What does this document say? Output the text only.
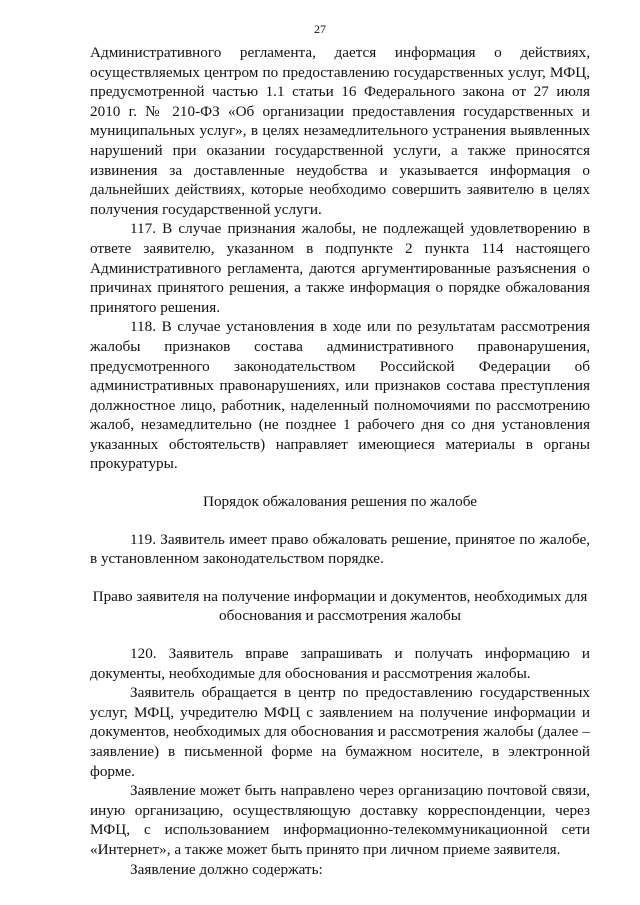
27

Административного регламента, дается информация о действиях, осуществляемых центром по предоставлению государственных услуг, МФЦ, предусмотренной частью 1.1 статьи 16 Федерального закона от 27 июля 2010 г. № 210-ФЗ «Об организации предоставления государственных и муниципальных услуг», в целях незамедлительного устранения выявленных нарушений при оказании государственной услуги, а также приносятся извинения за доставленные неудобства и указывается информация о дальнейших действиях, которые необходимо совершить заявителю в целях получения государственной услуги.

117. В случае признания жалобы, не подлежащей удовлетворению в ответе заявителю, указанном в подпункте 2 пункта 114 настоящего Административного регламента, даются аргументированные разъяснения о причинах принятого решения, а также информация о порядке обжалования принятого решения.

118. В случае установления в ходе или по результатам рассмотрения жалобы признаков состава административного правонарушения, предусмотренного законодательством Российской Федерации об административных правонарушениях, или признаков состава преступления должностное лицо, работник, наделенный полномочиями по рассмотрению жалоб, незамедлительно (не позднее 1 рабочего дня со дня установления указанных обстоятельств) направляет имеющиеся материалы в органы прокуратуры.

Порядок обжалования решения по жалобе

119. Заявитель имеет право обжаловать решение, принятое по жалобе, в установленном законодательством порядке.

Право заявителя на получение информации и документов, необходимых для обоснования и рассмотрения жалобы

120. Заявитель вправе запрашивать и получать информацию и документы, необходимые для обоснования и рассмотрения жалобы.

Заявитель обращается в центр по предоставлению государственных услуг, МФЦ, учредителю МФЦ с заявлением на получение информации и документов, необходимых для обоснования и рассмотрения жалобы (далее – заявление) в письменной форме на бумажном носителе, в электронной форме.

Заявление может быть направлено через организацию почтовой связи, иную организацию, осуществляющую доставку корреспонденции, через МФЦ, с использованием информационно-телекоммуникационной сети «Интернет», а также может быть принято при личном приеме заявителя.

Заявление должно содержать:
